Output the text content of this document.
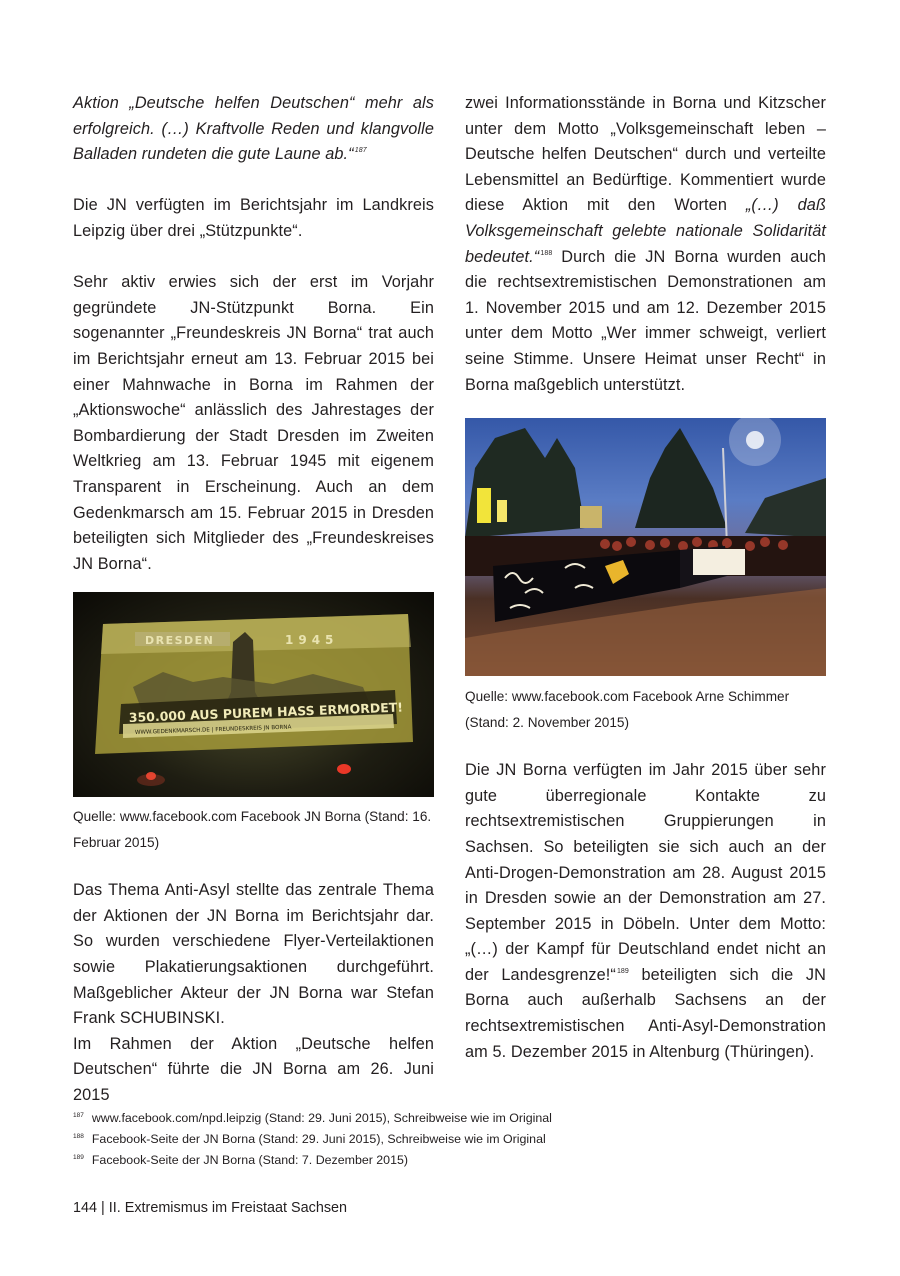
Aktion „Deutsche helfen Deutschen“ mehr als erfolgreich. (…) Kraftvolle Reden und klangvolle Balladen rundeten die gute Laune ab.“$^{187}$

Die JN verfügten im Berichtsjahr im Landkreis Leipzig über drei „Stützpunkte“.

Sehr aktiv erwies sich der erst im Vorjahr gegründete JN-Stützpunkt Borna. Ein sogenannter „Freundeskreis JN Borna“ trat auch im Berichtsjahr erneut am 13. Februar 2015 bei einer Mahnwache in Borna im Rahmen der „Aktionswoche“ anlässlich des Jahrestages der Bombardierung der Stadt Dresden im Zweiten Weltkrieg am 13. Februar 1945 mit eigenem Transparent in Erscheinung. Auch an dem Gedenkmarsch am 15. Februar 2015 in Dresden beteiligten sich Mitglieder des „Freundeskreises JN Borna“.

DRESDEN	1945
350.000 AUS PUREM HASS ERMORDET!
WWW.GEDENKMARSCH.DE | FREUNDESKREIS JN BORNA

Quelle: www.facebook.com Facebook JN Borna (Stand: 16. Februar 2015)

Das Thema Anti-Asyl stellte das zentrale Thema der Aktionen der JN Borna im Berichtsjahr dar. So wurden verschiedene Flyer-Verteilaktionen sowie Plakatierungsaktionen durchgeführt. Maßgeblicher Akteur der JN Borna war Stefan Frank SCHUBINSKI.

Im Rahmen der Aktion „Deutsche helfen Deutschen“ führte die JN Borna am 26. Juni 2015

zwei Informationsstände in Borna und Kitzscher unter dem Motto „Volksgemeinschaft leben – Deutsche helfen Deutschen“ durch und verteilte Lebensmittel an Bedürftige. Kommentiert wurde diese Aktion mit den Worten „(…) daß Volksgemeinschaft gelebte nationale Solidarität bedeutet.“$^{188}$ Durch die JN Borna wurden auch die rechtsextremistischen Demonstrationen am 1. November 2015 und am 12. Dezember 2015 unter dem Motto „Wer immer schweigt, verliert seine Stimme. Unsere Heimat unser Recht“ in Borna maßgeblich unterstützt.

Quelle: www.facebook.com Facebook Arne Schimmer (Stand: 2. November 2015)

Die JN Borna verfügten im Jahr 2015 über sehr gute überregionale Kontakte zu rechtsextremistischen Gruppierungen in Sachsen. So beteiligten sie sich auch an der Anti-Drogen-Demonstration am 28. August 2015 in Dresden sowie an der Demonstration am 27. September 2015 in Döbeln. Unter dem Motto: „(…) der Kampf für Deutschland endet nicht an der Landesgrenze!“$^{189}$ beteiligten sich die JN Borna auch außerhalb Sachsens an der rechtsextremistischen Anti-Asyl-Demonstration am 5. Dezember 2015 in Altenburg (Thüringen).

$^{187}$ www.facebook.com/npd.leipzig (Stand: 29. Juni 2015), Schreibweise wie im Original
$^{188}$ Facebook-Seite der JN Borna (Stand: 29. Juni 2015), Schreibweise wie im Original
$^{189}$ Facebook-Seite der JN Borna (Stand: 7. Dezember 2015)
144 | II. Extremismus im Freistaat Sachsen
